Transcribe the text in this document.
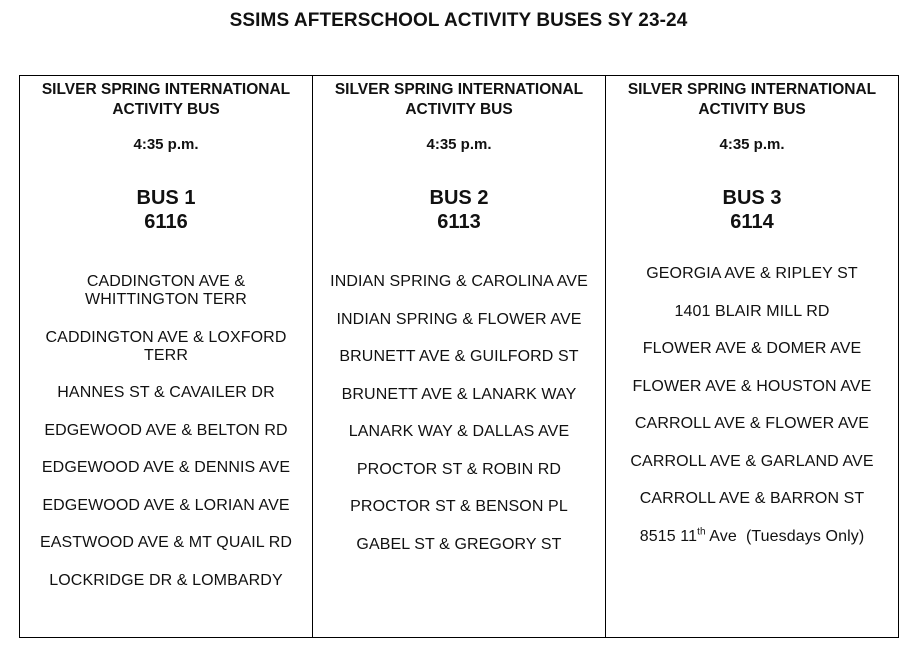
SSIMS AFTERSCHOOL ACTIVITY BUSES SY 23-24
SILVER SPRING INTERNATIONAL
ACTIVITY BUS
4:35 p.m.
BUS 1
6116
CADDINGTON AVE & WHITTINGTON TERR
CADDINGTON AVE & LOXFORD TERR
HANNES ST & CAVAILER DR
EDGEWOOD AVE & BELTON RD
EDGEWOOD AVE & DENNIS AVE
EDGEWOOD AVE & LORIAN AVE
EASTWOOD AVE & MT QUAIL RD
LOCKRIDGE DR & LOMBARDY
SILVER SPRING INTERNATIONAL
ACTIVITY BUS
4:35 p.m.
BUS 2
6113
INDIAN SPRING & CAROLINA AVE
INDIAN SPRING & FLOWER AVE
BRUNETT AVE & GUILFORD ST
BRUNETT AVE & LANARK WAY
LANARK WAY & DALLAS AVE
PROCTOR ST & ROBIN RD
PROCTOR ST & BENSON PL
GABEL ST & GREGORY ST
SILVER SPRING INTERNATIONAL
ACTIVITY BUS
4:35 p.m.
BUS 3
6114
GEORGIA AVE & RIPLEY ST
1401 BLAIR MILL RD
FLOWER AVE & DOMER AVE
FLOWER AVE & HOUSTON AVE
CARROLL AVE & FLOWER AVE
CARROLL AVE & GARLAND AVE
CARROLL AVE & BARRON ST
8515 11th Ave  (Tuesdays Only)
